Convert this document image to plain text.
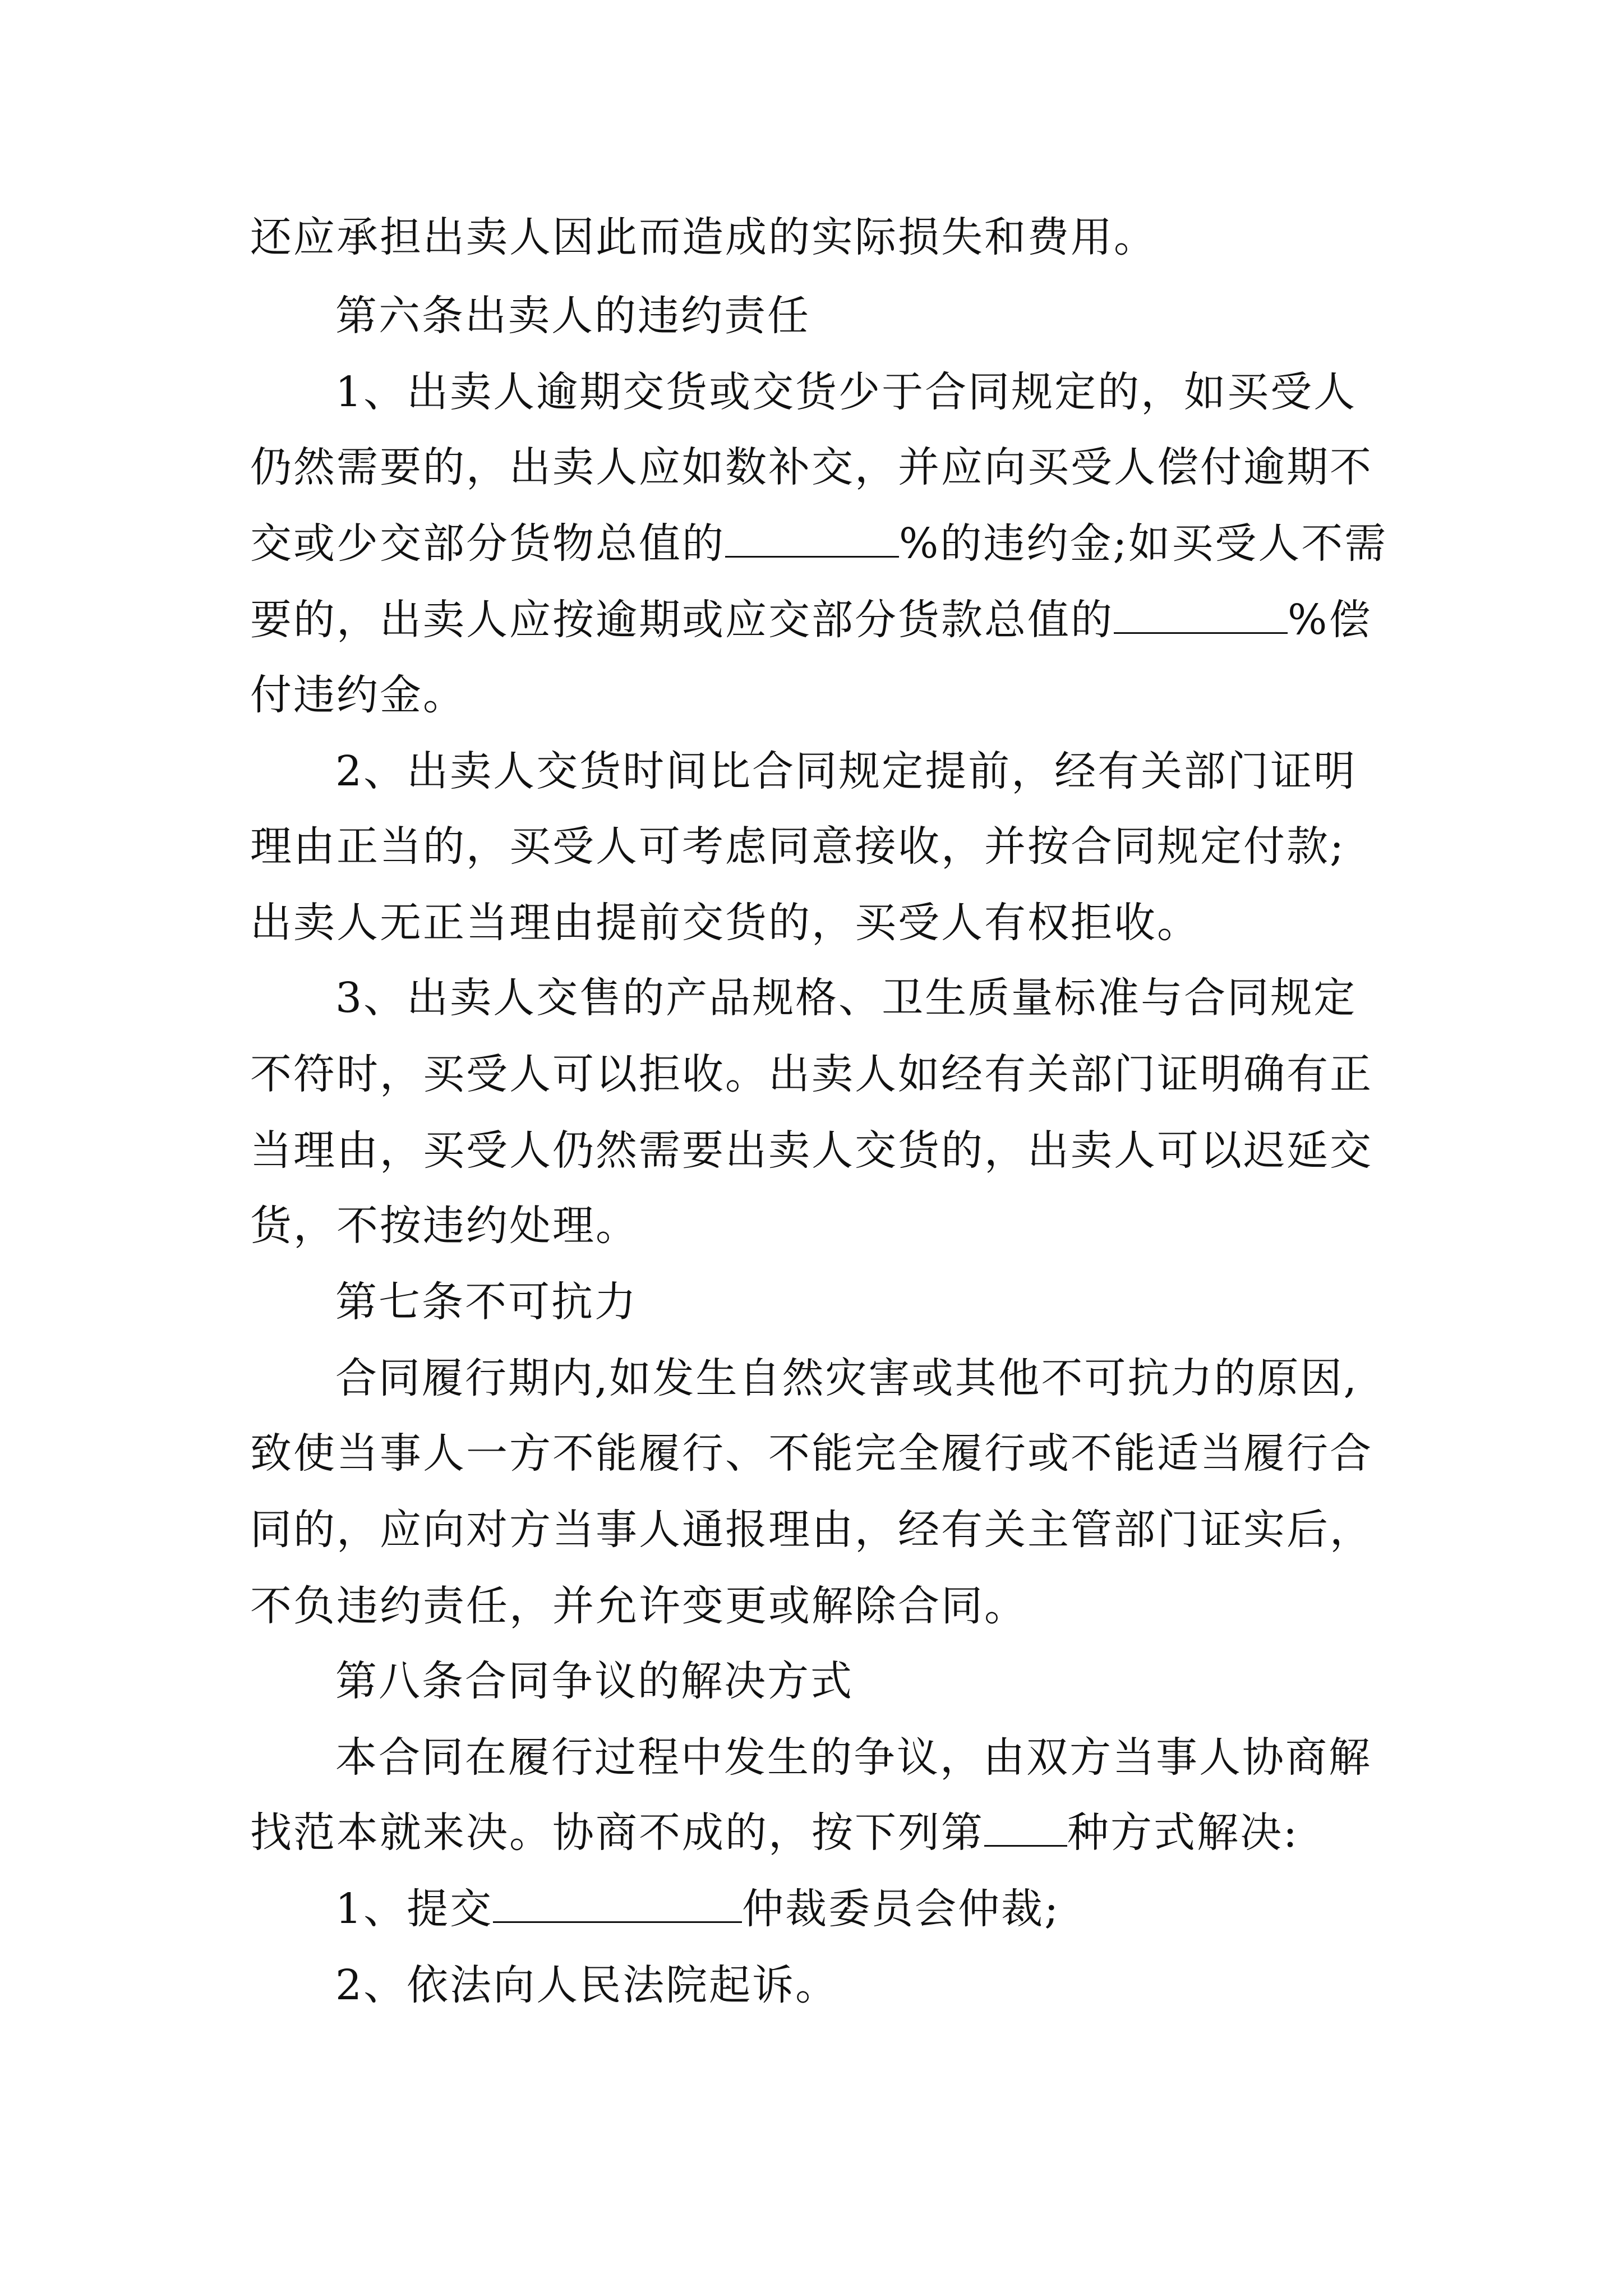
还应承担出卖人因此而造成的实际损失和费用。
第六条出卖人的违约责任
1、出卖人逾期交货或交货少于合同规定的，如买受人
仍然需要的，出卖人应如数补交，并应向买受人偿付逾期不
交或少交部分货物总值的	%的违约金;如买受人不需
要的，出卖人应按逾期或应交部分货款总值的	%偿
付违约金。
2、出卖人交货时间比合同规定提前，经有关部门证明
理由正当的，买受人可考虑同意接收，并按合同规定付款;
出卖人无正当理由提前交货的，买受人有权拒收。
3、出卖人交售的产品规格、卫生质量标准与合同规定
不符时，买受人可以拒收。出卖人如经有关部门证明确有正
当理由，买受人仍然需要出卖人交货的，出卖人可以迟延交
货，不按违约处理。
第七条不可抗力
合同履行期内,如发生自然灾害或其他不可抗力的原因,
致使当事人一方不能履行、不能完全履行或不能适当履行合
同的，应向对方当事人通报理由，经有关主管部门证实后，
不负违约责任，并允许变更或解除合同。
第八条合同争议的解决方式
本合同在履行过程中发生的争议，由双方当事人协商解
找范本就来决。协商不成的，按下列第 种方式解决:
1、提交	仲裁委员会仲裁;
2、依法向人民法院起诉。
